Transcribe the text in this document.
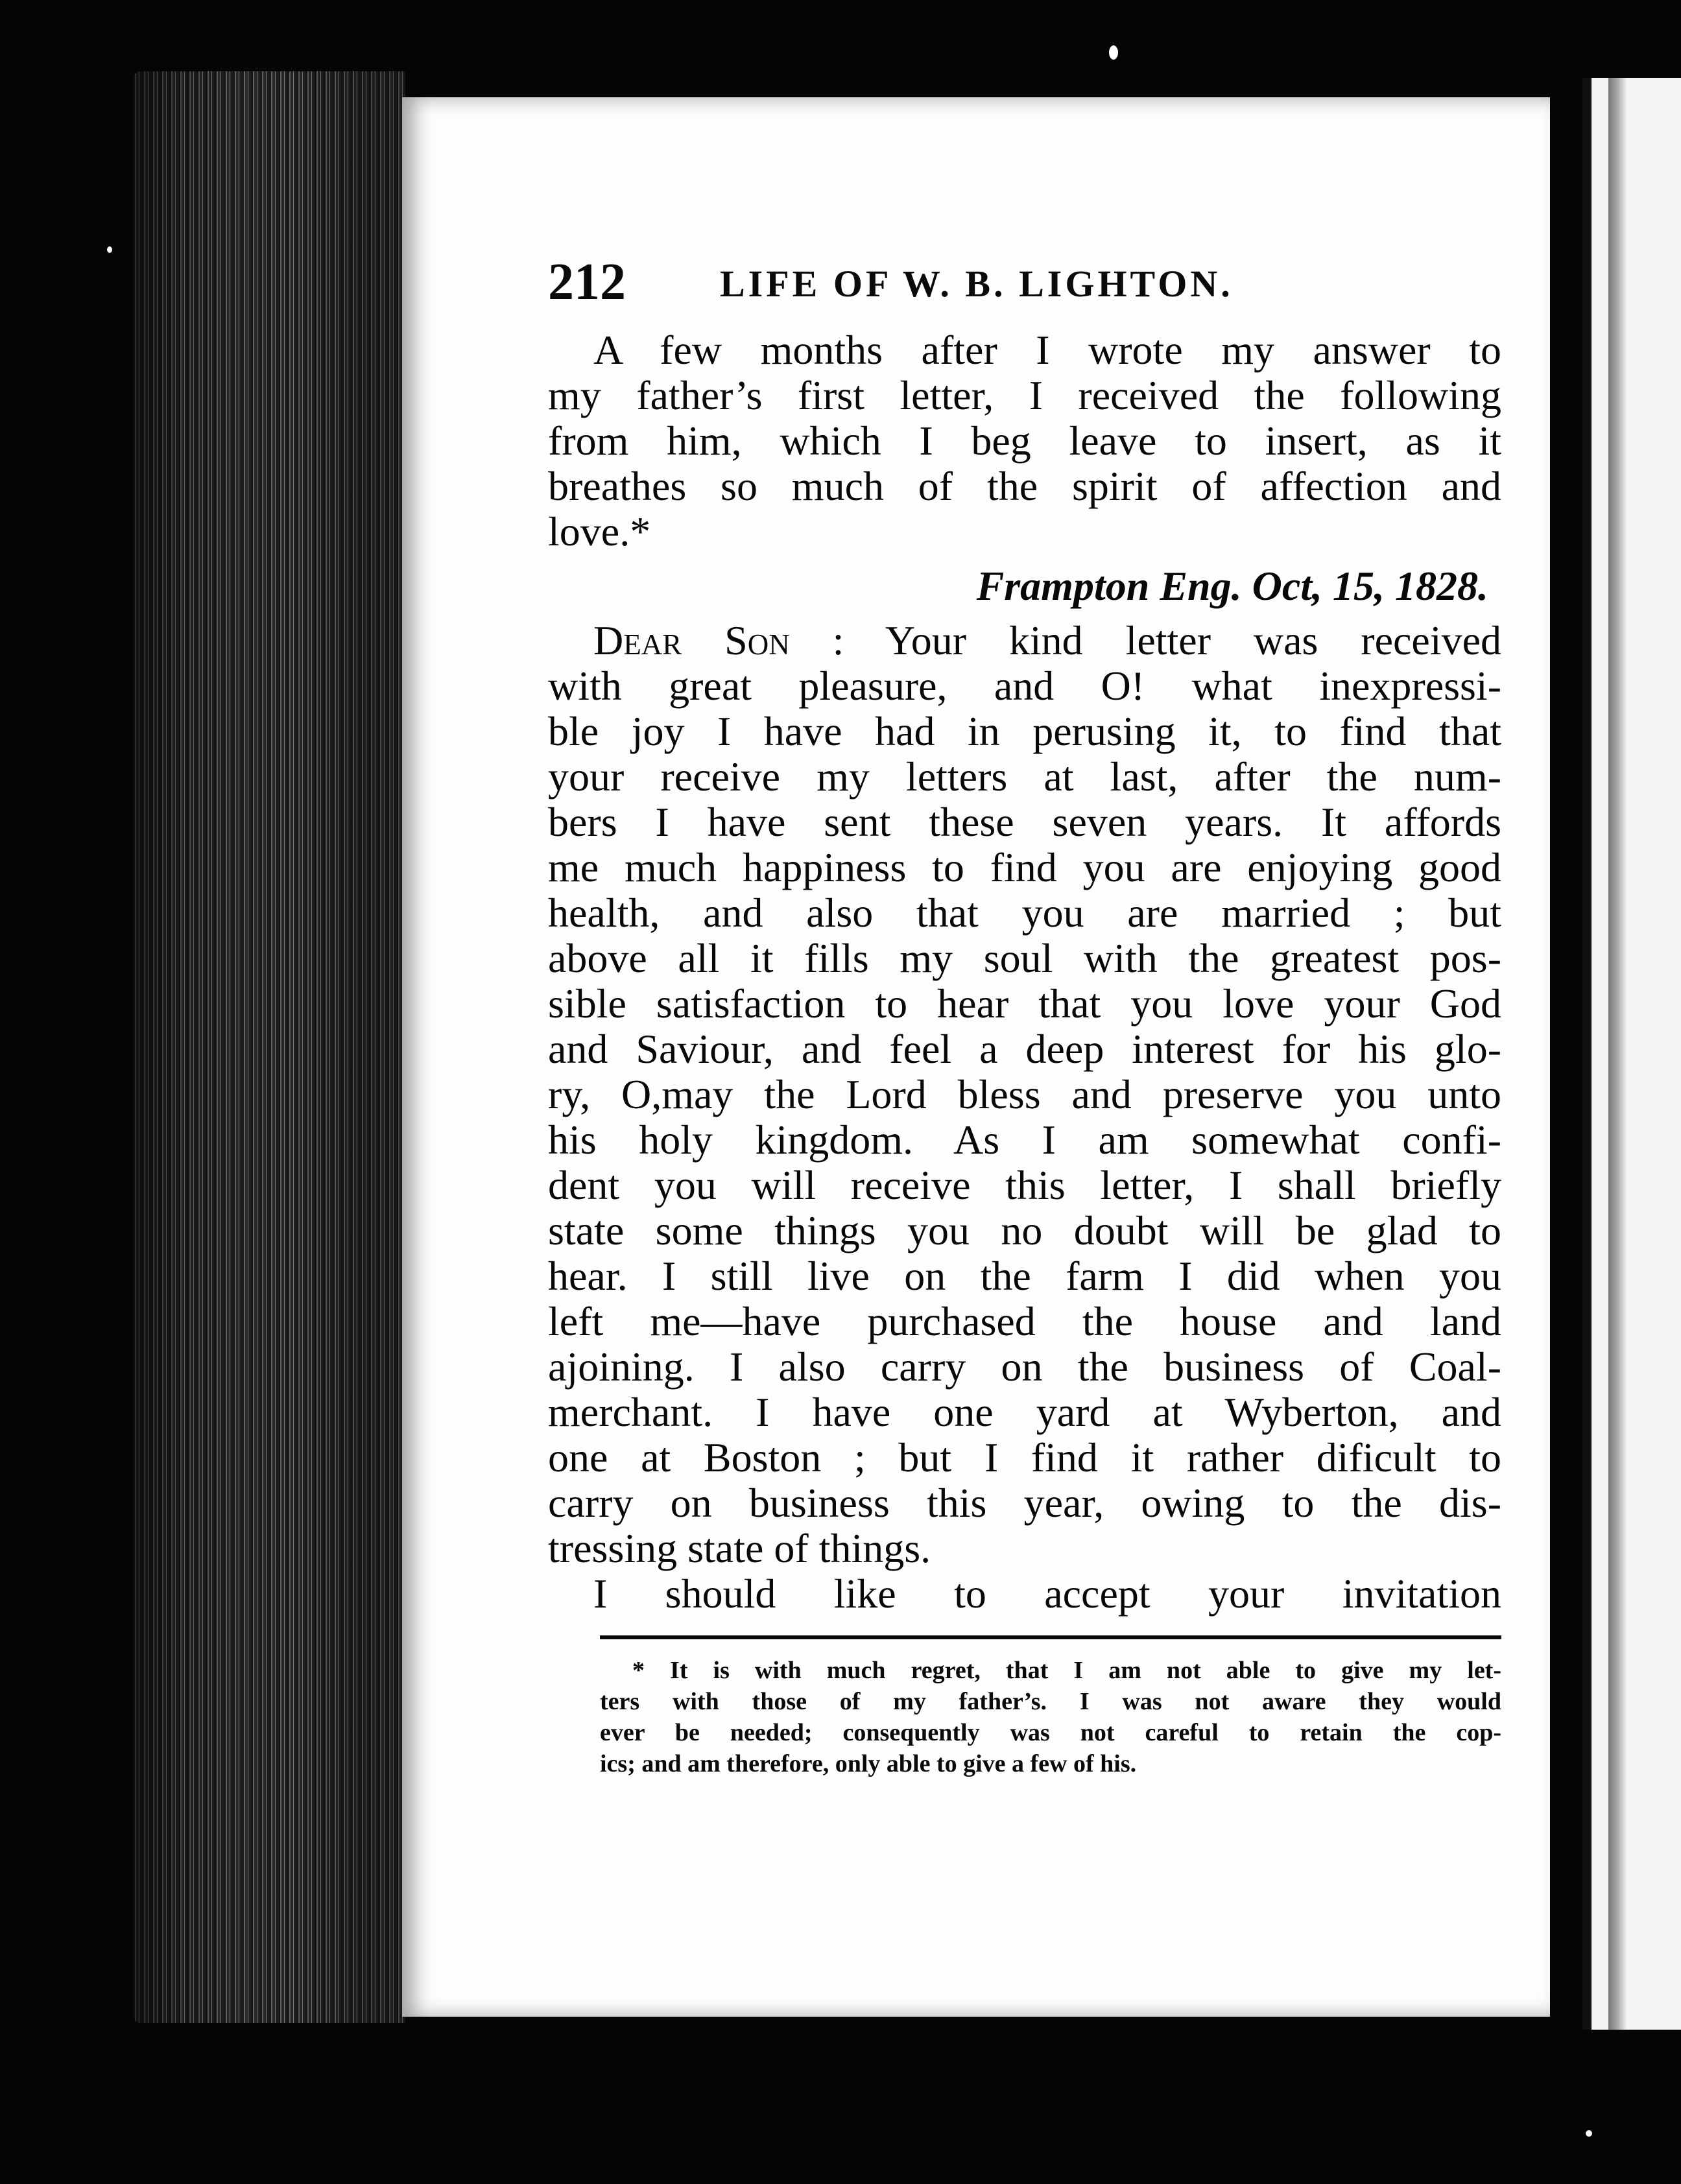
212	LIFE OF W. B. LIGHTON.
A few months after I wrote my answer to
my father’s first letter, I received the following
from him, which I beg leave to insert, as it
breathes so much of the spirit of affection and
love.*
Frampton Eng. Oct, 15, 1828.
Dear Son : Your kind letter was received
with great pleasure, and O! what inexpressi-
ble joy I have had in perusing it, to find that
your receive my letters at last, after the num-
bers I have sent these seven years. It affords
me much happiness to find you are enjoying good
health, and also that you are married ; but
above all it fills my soul with the greatest pos-
sible satisfaction to hear that you love your God
and Saviour, and feel a deep interest for his glo-
ry, O,may the Lord bless and preserve you unto
his holy kingdom. As I am somewhat confi-
dent you will receive this letter, I shall briefly
state some things you no doubt will be glad to
hear. I still live on the farm I did when you
left me—have purchased the house and land
ajoining. I also carry on the business of Coal-
merchant. I have one yard at Wyberton, and
one at Boston ; but I find it rather dificult to
carry on business this year, owing to the dis-
tressing state of things.
I should like to accept your invitation
* It is with much regret, that I am not able to give my let-
ters with those of my father’s. I was not aware they would
ever be needed; consequently was not careful to retain the cop-
ics; and am therefore, only able to give a few of his.
